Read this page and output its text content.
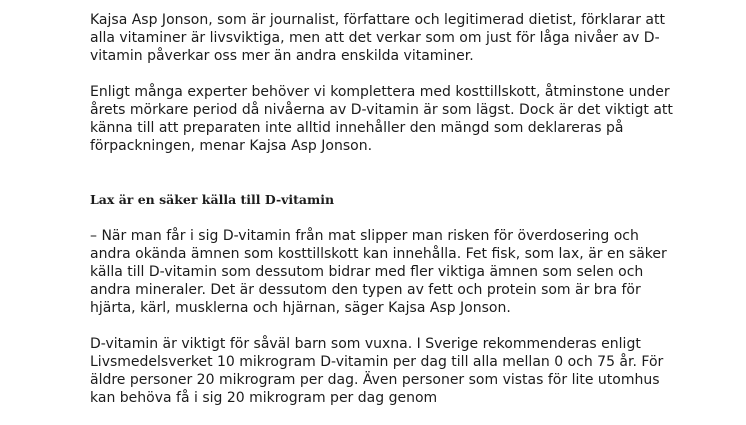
Kajsa Asp Jonson, som är journalist, författare och legitimerad dietist, förklarar att alla vitaminer är livsviktiga, men att det verkar som om just för låga nivåer av D-vitamin påverkar oss mer än andra enskilda vitaminer.

Enligt många experter behöver vi komplettera med kosttillskott, åtminstone under årets mörkare period då nivåerna av D-vitamin är som lägst. Dock är det viktigt att känna till att preparaten inte alltid innehåller den mängd som deklareras på förpackningen, menar Kajsa Asp Jonson.

Lax är en säker källa till D-vitamin

– När man får i sig D-vitamin från mat slipper man risken för överdosering och andra okända ämnen som kosttillskott kan innehålla. Fet fisk, som lax, är en säker källa till D-vitamin som dessutom bidrar med fler viktiga ämnen som selen och andra mineraler. Det är dessutom den typen av fett och protein som är bra för hjärta, kärl, musklerna och hjärnan, säger Kajsa Asp Jonson.

D-vitamin är viktigt för såväl barn som vuxna. I Sverige rekommenderas enligt Livsmedelsverket 10 mikrogram D-vitamin per dag till alla mellan 0 och 75 år. För äldre personer 20 mikrogram per dag. Även personer som vistas för lite utomhus kan behöva få i sig 20 mikrogram per dag genom
